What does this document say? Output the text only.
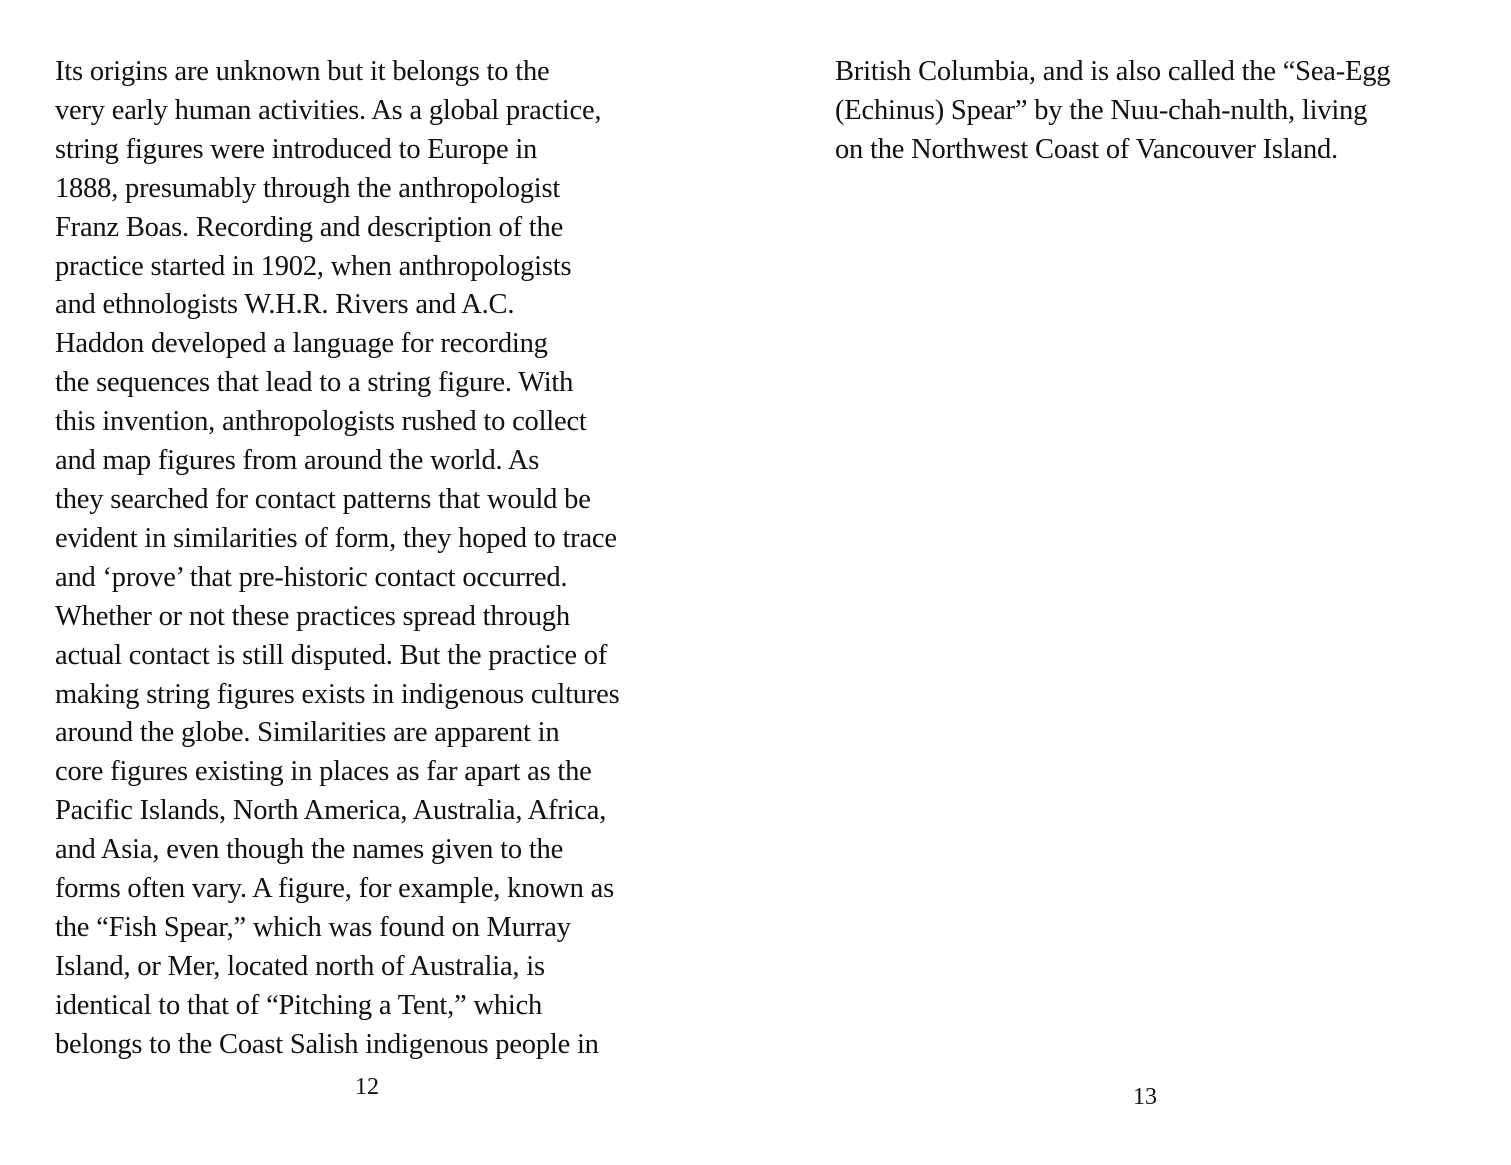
Its origins are unknown but it belongs to the
very early human activities. As a global practice,
string figures were introduced to Europe in
1888, presumably through the anthropologist
Franz Boas. Recording and description of the
practice started in 1902, when anthropologists
and ethnologists W.H.R. Rivers and A.C.
Haddon developed a language for recording
the sequences that lead to a string figure. With
this invention, anthropologists rushed to collect
and map figures from around the world. As
they searched for contact patterns that would be
evident in similarities of form, they hoped to trace
and ‘prove’ that pre-historic contact occurred.
Whether or not these practices spread through
actual contact is still disputed. But the practice of
making string figures exists in indigenous cultures
around the globe. Similarities are apparent in
core figures existing in places as far apart as the
Pacific Islands, North America, Australia, Africa,
and Asia, even though the names given to the
forms often vary. A figure, for example, known as
the “Fish Spear,” which was found on Murray
Island, or Mer, located north of Australia, is
identical to that of “Pitching a Tent,” which
belongs to the Coast Salish indigenous people in
12
British Columbia, and is also called the “Sea-Egg
(Echinus) Spear” by the Nuu-chah-nulth, living
on the Northwest Coast of Vancouver Island.
13
